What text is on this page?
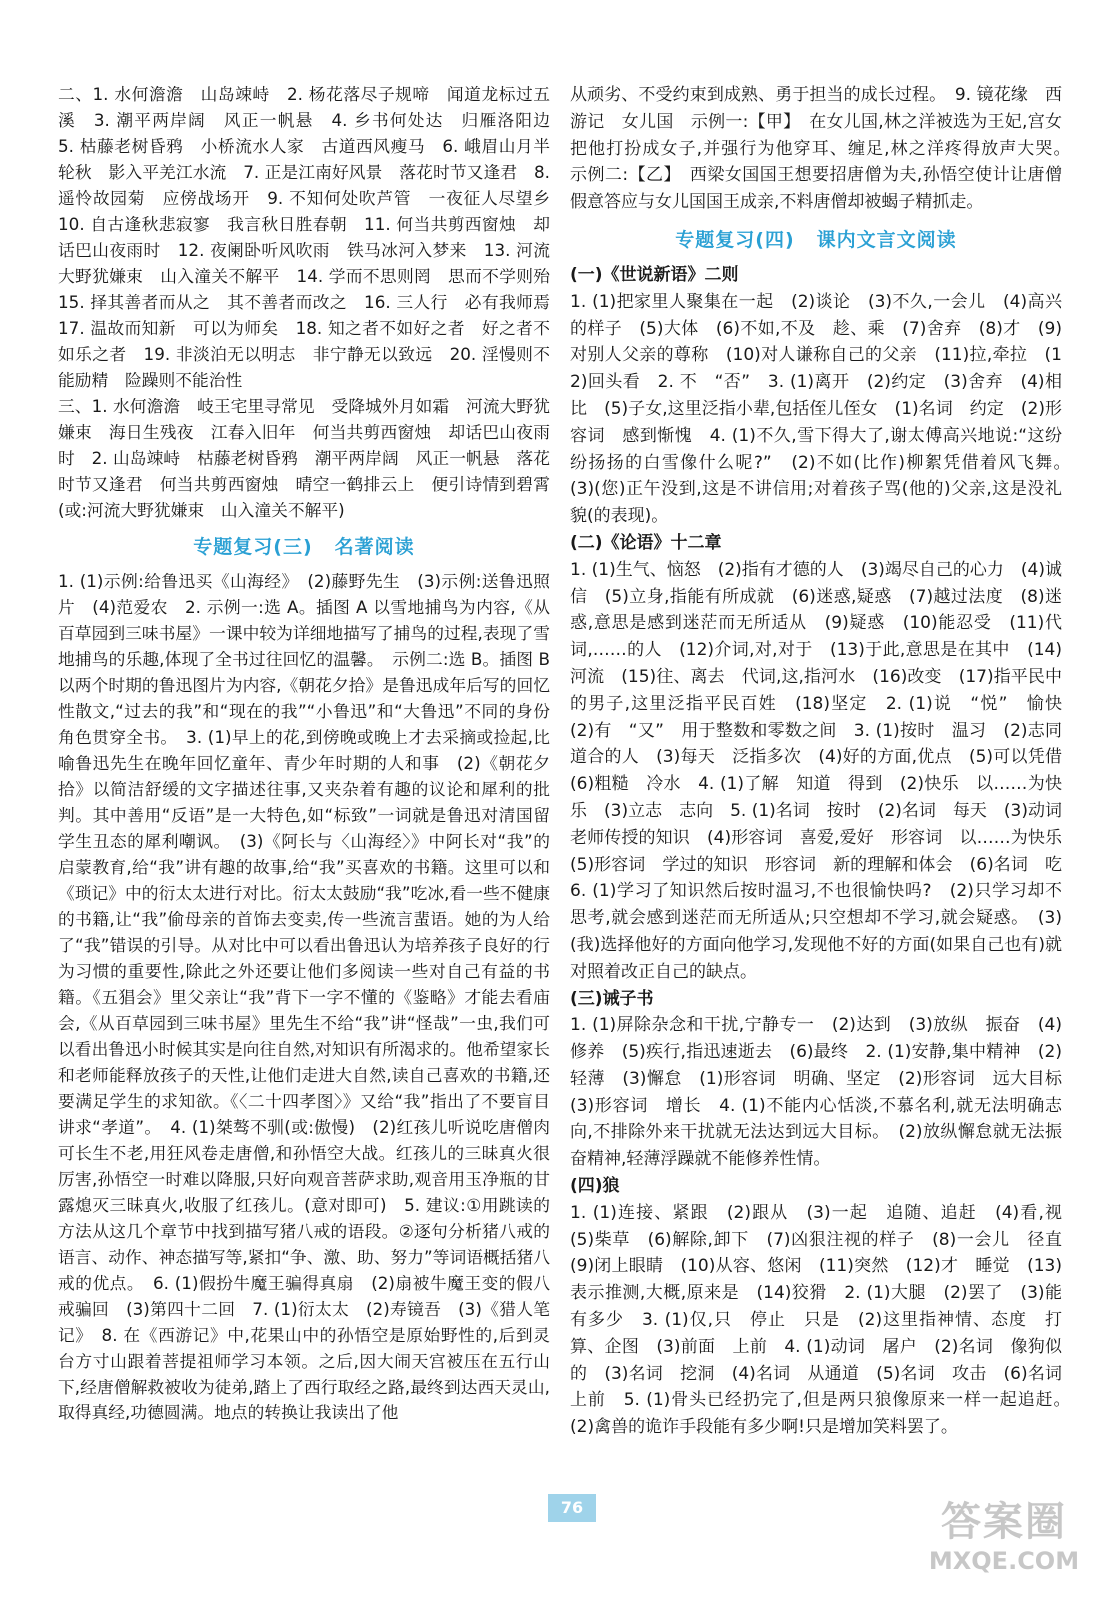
二、1. 水何澹澹　山岛竦峙　2. 杨花落尽子规啼　闻道龙标过五溪　3. 潮平两岸阔　风正一帆悬　4. 乡书何处达　归雁洛阳边　5. 枯藤老树昏鸦　小桥流水人家　古道西风瘦马　6. 峨眉山月半轮秋　影入平羌江水流　7. 正是江南好风景　落花时节又逢君　8. 遥怜故园菊　应傍战场开　9. 不知何处吹芦管　一夜征人尽望乡　10. 自古逢秋悲寂寥　我言秋日胜春朝　11. 何当共剪西窗烛　却话巴山夜雨时　12. 夜阑卧听风吹雨　铁马冰河入梦来　13. 河流大野犹嫌束　山入潼关不解平　14. 学而不思则罔　思而不学则殆　15. 择其善者而从之　其不善者而改之　16. 三人行　必有我师焉　17. 温故而知新　可以为师矣　18. 知之者不如好之者　好之者不如乐之者　19. 非淡泊无以明志　非宁静无以致远　20. 淫慢则不能励精　险躁则不能治性

三、1. 水何澹澹　岐王宅里寻常见　受降城外月如霜　河流大野犹嫌束　海日生残夜　江春入旧年　何当共剪西窗烛　却话巴山夜雨时　2. 山岛竦峙　枯藤老树昏鸦　潮平两岸阔　风正一帆悬　落花时节又逢君　何当共剪西窗烛　晴空一鹤排云上　便引诗情到碧霄(或:河流大野犹嫌束　山入潼关不解平)

专题复习(三) 名著阅读

1. (1)示例:给鲁迅买《山海经》　(2)藤野先生　(3)示例:送鲁迅照片　(4)范爱农　2. 示例一:选 A。插图 A 以雪地捕鸟为内容,《从百草园到三味书屋》一课中较为详细地描写了捕鸟的过程,表现了雪地捕鸟的乐趣,体现了全书过往回忆的温馨。　示例二:选 B。插图 B 以两个时期的鲁迅图片为内容,《朝花夕拾》是鲁迅成年后写的回忆性散文,“过去的我”和“现在的我”“小鲁迅”和“大鲁迅”不同的身份角色贯穿全书。　3. (1)早上的花,到傍晚或晚上才去采摘或捡起,比喻鲁迅先生在晚年回忆童年、青少年时期的人和事　(2)《朝花夕拾》以简洁舒缓的文字描述往事,又夹杂着有趣的议论和犀利的批判。其中善用“反语”是一大特色,如“标致”一词就是鲁迅对清国留学生丑态的犀利嘲讽。　(3)《阿长与〈山海经〉》中阿长对“我”的启蒙教育,给“我”讲有趣的故事,给“我”买喜欢的书籍。这里可以和《琐记》中的衍太太进行对比。衍太太鼓励“我”吃冰,看一些不健康的书籍,让“我”偷母亲的首饰去变卖,传一些流言蜚语。她的为人给了“我”错误的引导。从对比中可以看出鲁迅认为培养孩子良好的行为习惯的重要性,除此之外还要让他们多阅读一些对自己有益的书籍。《五猖会》里父亲让“我”背下一字不懂的《鉴略》才能去看庙会,《从百草园到三味书屋》里先生不给“我”讲“怪哉”一虫,我们可以看出鲁迅小时候其实是向往自然,对知识有所渴求的。他希望家长和老师能释放孩子的天性,让他们走进大自然,读自己喜欢的书籍,还要满足学生的求知欲。《〈二十四孝图〉》又给“我”指出了不要盲目讲求“孝道”。　4. (1)桀骜不驯(或:傲慢)　(2)红孩儿听说吃唐僧肉可长生不老,用狂风卷走唐僧,和孙悟空大战。红孩儿的三昧真火很厉害,孙悟空一时难以降服,只好向观音菩萨求助,观音用玉净瓶的甘露熄灭三昧真火,收服了红孩儿。(意对即可)　5. 建议:①用跳读的方法从这几个章节中找到描写猪八戒的语段。②逐句分析猪八戒的语言、动作、神态描写等,紧扣“争、激、助、努力”等词语概括猪八戒的优点。　6. (1)假扮牛魔王骗得真扇　(2)扇被牛魔王变的假八戒骗回　(3)第四十二回　7. (1)衍太太　(2)寿镜吾　(3)《猎人笔记》　8. 在《西游记》中,花果山中的孙悟空是原始野性的,后到灵台方寸山跟着菩提祖师学习本领。之后,因大闹天宫被压在五行山下,经唐僧解救被收为徒弟,踏上了西行取经之路,最终到达西天灵山,取得真经,功德圆满。地点的转换让我读出了他

从顽劣、不受约束到成熟、勇于担当的成长过程。　9. 镜花缘　西游记　女儿国　示例一:【甲】　在女儿国,林之洋被选为王妃,宫女把他打扮成女子,并强行为他穿耳、缠足,林之洋疼得放声大哭。　示例二:【乙】　西梁女国国王想要招唐僧为夫,孙悟空使计让唐僧假意答应与女儿国国王成亲,不料唐僧却被蝎子精抓走。

专题复习(四) 课内文言文阅读

(一)《世说新语》二则

1. (1)把家里人聚集在一起　(2)谈论　(3)不久,一会儿　(4)高兴的样子　(5)大体　(6)不如,不及　趁、乘　(7)舍弃　(8)才　(9)对别人父亲的尊称　(10)对人谦称自己的父亲　(11)拉,牵拉　(12)回头看　2. 不　“否”　3. (1)离开　(2)约定　(3)舍弃　(4)相比　(5)子女,这里泛指小辈,包括侄儿侄女　(1)名词　约定　(2)形容词　感到惭愧　4. (1)不久,雪下得大了,谢太傅高兴地说:“这纷纷扬扬的白雪像什么呢?”　(2)不如(比作)柳絮凭借着风飞舞。　(3)(您)正午没到,这是不讲信用;对着孩子骂(他的)父亲,这是没礼貌(的表现)。

(二)《论语》十二章

1. (1)生气、恼怒　(2)指有才德的人　(3)竭尽自己的心力　(4)诚信　(5)立身,指能有所成就　(6)迷惑,疑惑　(7)越过法度　(8)迷惑,意思是感到迷茫而无所适从　(9)疑惑　(10)能忍受　(11)代词,……的人　(12)介词,对,对于　(13)于此,意思是在其中　(14)河流　(15)往、离去　代词,这,指河水　(16)改变　(17)指平民中的男子,这里泛指平民百姓　(18)坚定　2. (1)说　“悦”　愉快　(2)有　“又”　用于整数和零数之间　3. (1)按时　温习　(2)志同道合的人　(3)每天　泛指多次　(4)好的方面,优点　(5)可以凭借　(6)粗糙　冷水　4. (1)了解　知道　得到　(2)快乐　以……为快乐　(3)立志　志向　5. (1)名词　按时　(2)名词　每天　(3)动词　老师传授的知识　(4)形容词　喜爱,爱好　形容词　以……为快乐　(5)形容词　学过的知识　形容词　新的理解和体会　(6)名词　吃　6. (1)学习了知识然后按时温习,不也很愉快吗?　(2)只学习却不思考,就会感到迷茫而无所适从;只空想却不学习,就会疑惑。　(3)(我)选择他好的方面向他学习,发现他不好的方面(如果自己也有)就对照着改正自己的缺点。

(三)诫子书

1. (1)屏除杂念和干扰,宁静专一　(2)达到　(3)放纵　振奋　(4)修养　(5)疾行,指迅速逝去　(6)最终　2. (1)安静,集中精神　(2)轻薄　(3)懈怠　(1)形容词　明确、坚定　(2)形容词　远大目标　(3)形容词　增长　4. (1)不能内心恬淡,不慕名利,就无法明确志向,不排除外来干扰就无法达到远大目标。　(2)放纵懈怠就无法振奋精神,轻薄浮躁就不能修养性情。

(四)狼

1. (1)连接、紧跟　(2)跟从　(3)一起　追随、追赶　(4)看,视　(5)柴草　(6)解除,卸下　(7)凶狠注视的样子　(8)一会儿　径直　(9)闭上眼睛　(10)从容、悠闲　(11)突然　(12)才　睡觉　(13)表示推测,大概,原来是　(14)狡猾　2. (1)大腿　(2)罢了　(3)能有多少　3. (1)仅,只　停止　只是　(2)这里指神情、态度　打算、企图　(3)前面　上前　4. (1)动词　屠户　(2)名词　像狗似的　(3)名词　挖洞　(4)名词　从通道　(5)名词　攻击　(6)名词　上前　5. (1)骨头已经扔完了,但是两只狼像原来一样一起追赶。　(2)禽兽的诡诈手段能有多少啊!只是增加笑料罢了。

76	答案圈
MXQE.COM
